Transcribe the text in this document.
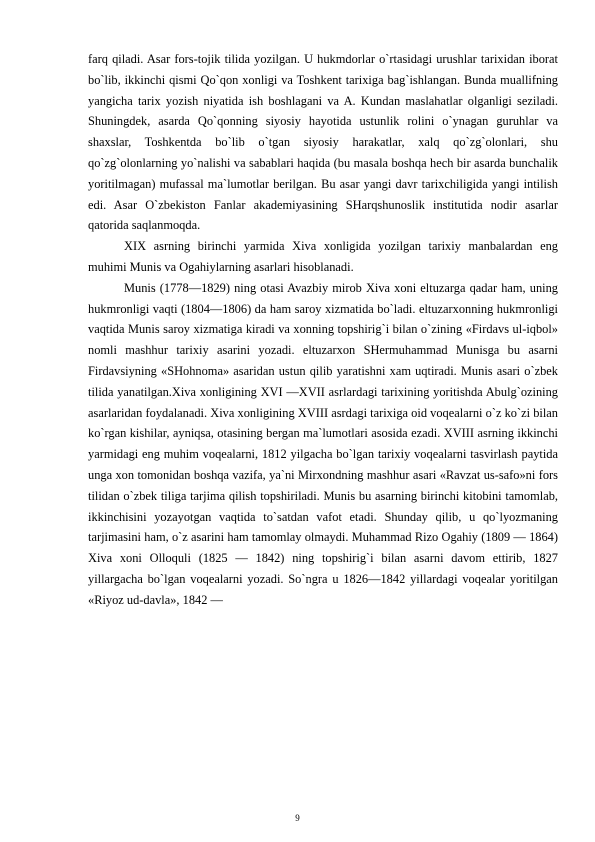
farq qiladi. Asar fors-tojik tilida yozilgan. U hukmdorlar o`rtasidagi urushlar tarixidan iborat bo`lib, ikkinchi qismi Qo`qon xonligi va Toshkent tarixiga bag`ishlangan. Bunda muallifning yangicha tarix yozish niyatida ish boshlagani va A. Kundan maslahatlar olganligi seziladi. Shuningdek, asarda Qo`qonning siyosiy hayotida ustunlik rolini o`ynagan guruhlar va shaxslar, Toshkentda bo`lib o`tgan siyosiy harakatlar, xalq qo`zg`olonlari, shu qo`zg`olonlarning yo`nalishi va sabablari haqida (bu masala boshqa hech bir asarda bunchalik yoritilmagan) mufassal ma`lumotlar berilgan. Bu asar yangi davr tarixchiligida yangi intilish edi. Asar O`zbekiston Fanlar akademiyasining SHarqshunoslik institutida nodir asarlar qatorida saqlanmoqda.

XIX asrning birinchi yarmida Xiva xonligida yozilgan tarixiy manbalardan eng muhimi Munis va Ogahiylarning asarlari hisoblanadi.

Munis (1778—1829) ning otasi Avazbiy mirob Xiva xoni eltuzarga qadar ham, uning hukmronligi vaqti (1804—1806) da ham saroy xizmatida bo`ladi. eltuzarxonning hukmronligi vaqtida Munis saroy xizmatiga kiradi va xonning topshirig`i bilan o`zining «Firdavs ul-iqbol» nomli mashhur tarixiy asarini yozadi. eltuzarxon SHermuhammad Munisga bu asarni Firdavsiyning «SHohnoma» asaridan ustun qilib yaratishni xam uqtiradi. Munis asari o`zbek tilida yanatilgan.Xiva xonligining XVI —XVII asrlardagi tarixining yoritishda Abulg`ozining asarlaridan foydalanadi. Xiva xonligining XVIII asrdagi tarixiga oid voqealarni o`z ko`zi bilan ko`rgan kishilar, ayniqsa, otasining bergan ma`lumotlari asosida ezadi. XVIII asrning ikkinchi yarmidagi eng muhim voqealarni, 1812 yilgacha bo`lgan tarixiy voqealarni tasvirlash paytida unga xon tomonidan boshqa vazifa, ya`ni Mirxondning mashhur asari «Ravzat us-safo»ni fors tilidan o`zbek tiliga tarjima qilish topshiriladi. Munis bu asarning birinchi kitobini tamomlab, ikkinchisini yozayotgan vaqtida to`satdan vafot etadi. Shunday qilib, u qo`lyozmaning tarjimasini ham, o`z asarini ham tamomlay olmaydi. Muhammad Rizo Ogahiy (1809 — 1864) Xiva xoni Olloquli (1825 — 1842) ning topshirig`i bilan asarni davom ettirib, 1827 yillargacha bo`lgan voqealarni yozadi. So`ngra u 1826—1842 yillardagi voqealar yoritilgan «Riyoz ud-davla», 1842 —

9
